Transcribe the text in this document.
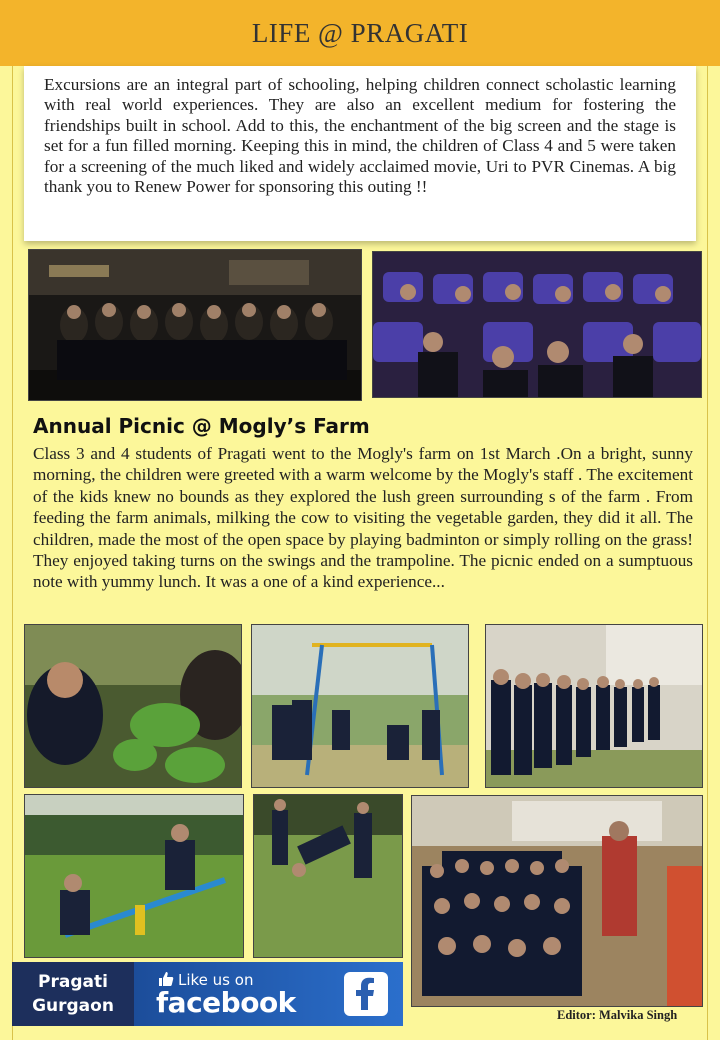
LIFE @ PRAGATI

Excursions are an integral part of schooling, helping children connect scholastic learning with real world experiences. They are also an excellent medium for fostering the friendships built in school. Add to this, the enchantment of the big screen and the stage is set for a fun filled morning. Keeping this in mind, the children of Class 4 and 5 were taken for a screening of the much liked and widely acclaimed movie, Uri to PVR Cinemas. A big thank you to Renew Power for sponsoring this outing !!

Annual Picnic @ Mogly’s Farm

Class 3 and 4 students of Pragati went to the Mogly's farm on 1st March .On a bright, sunny morning, the children were greeted with a warm welcome by the Mogly's staff . The excitement of the kids knew no bounds as they explored the lush green surrounding s of the farm . From feeding the farm animals, milking the cow to visiting the vegetable garden, they did it all. The children, made the most of the open space by playing badminton or simply rolling on the grass! They enjoyed taking turns on the swings and the trampoline. The picnic ended on a sumptuous note with yummy lunch. It was a one of a kind experience...

Pragati
Gurgaon
Like us on
facebook	Editor: Malvika Singh
